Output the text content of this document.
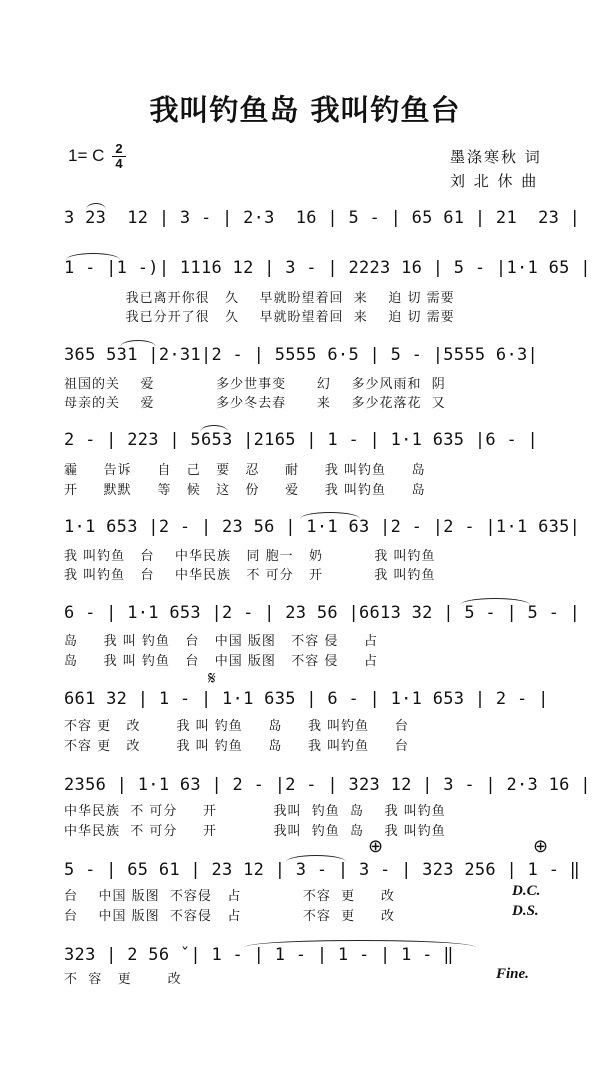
我叫钓鱼岛 我叫钓鱼台
1= C 2
4	墨涤寒秋 词
刘 北 休 曲
3 23  12 | 3 - | 2·3  16 | 5 - | 65 61 | 21  23 |
1 - |1 -)| 1116 12 | 3 - | 2223 16 | 5 - |1·1 65 |
我已离开你很   久    早就盼望着回  来    迫 切 需要
我已分开了很   久    早就盼望着回  来    迫 切 需要
365 531 |2·31|2 - | 5555 6·5 | 5 - |5555 6·3|
祖国的关    爱            多少世事变      幻    多少风雨和  阴
母亲的关    爱            多少冬去春      来    多少花落花  又
2 - | 223 | 5653 |2165 | 1 - | 1·1 635 |6 - |
霾     告诉     自   己   要   忍     耐     我 叫钓鱼     岛
开     默默     等   候   这   份     爱     我 叫钓鱼     岛
1·1 653 |2 - | 23 56 | 1·1 63 |2 - |2 - |1·1 635|
我 叫钓鱼   台    中华民族   同 胞一   奶          我 叫钓鱼
我 叫钓鱼   台    中华民族   不 可分   开          我 叫钓鱼
6 - | 1·1 653 |2 - | 23 56 |6613 32 | 5 - | 5 - |
岛     我 叫 钓鱼   台   中国 版图   不容 侵     占
岛     我 叫 钓鱼   台   中国 版图   不容 侵     占
𝄋
661 32 | 1 - | 1·1 635 | 6 - | 1·1 653 | 2 - |
不容 更   改       我 叫 钓鱼     岛     我 叫钓鱼     台
不容 更   改       我 叫 钓鱼     岛     我 叫钓鱼     台
2356 | 1·1 63 | 2 - |2 - | 323 12 | 3 - | 2·3 16 |
中华民族  不 可分     开           我叫  钓鱼  岛    我 叫钓鱼
中华民族  不 可分     开           我叫  钓鱼  岛    我 叫钓鱼
⊕	⊕
5 - | 65 61 | 23 12 | 3 - | 3 - | 323 256 | 1 - ‖
台    中国 版图  不容侵   占            不容  更     改
台    中国 版图  不容侵   占            不容  更     改
D.C.
D.S.
323 | 2 56 ˇ| 1 - | 1 - | 1 - | 1 - ‖
不  容   更       改	Fine.
